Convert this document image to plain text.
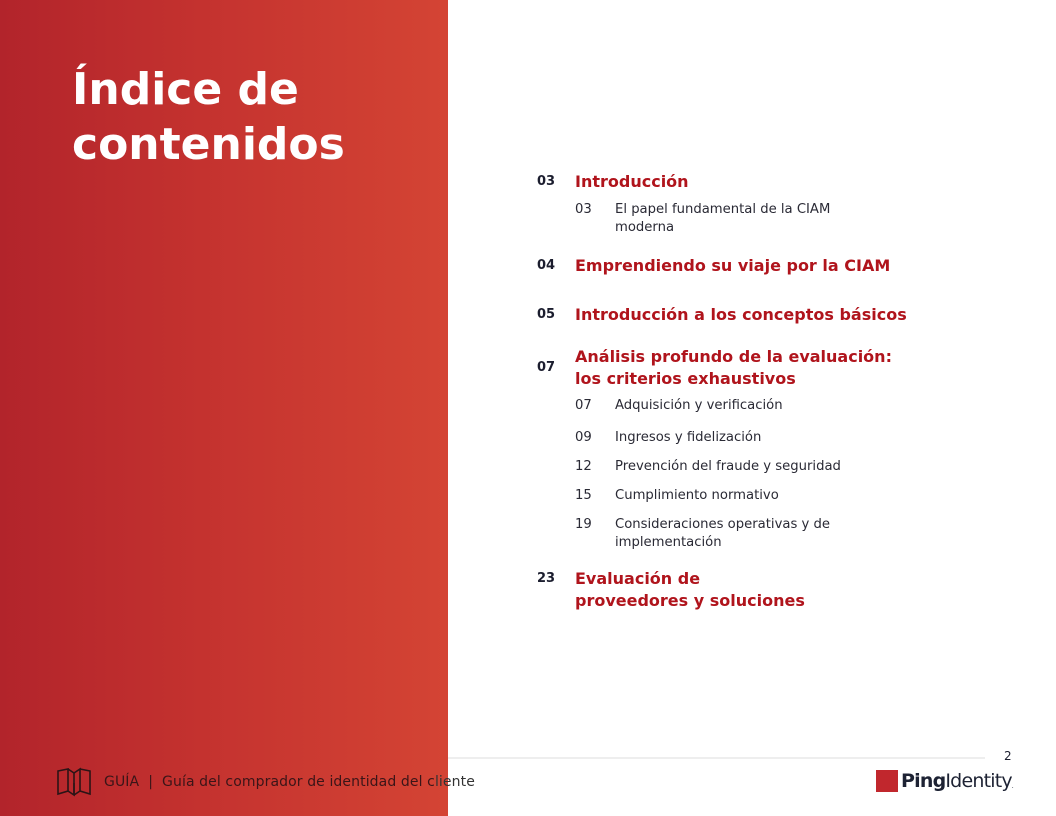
Índice de
contenidos
03 Introducción
03 El papel fundamental de la CIAM
moderna
04 Emprendiendo su viaje por la CIAM
05 Introducción a los conceptos básicos
07
Análisis profundo de la evaluación:
los criterios exhaustivos
07 Adquisición y verificación
09 Ingresos y fidelización
12 Prevención del fraude y seguridad
15 Cumplimiento normativo
19 Consideraciones operativas y de
implementación
23 Evaluación de
proveedores y soluciones
2
GUÍA | Guía del comprador de identidad del cliente	Ping Identity .
